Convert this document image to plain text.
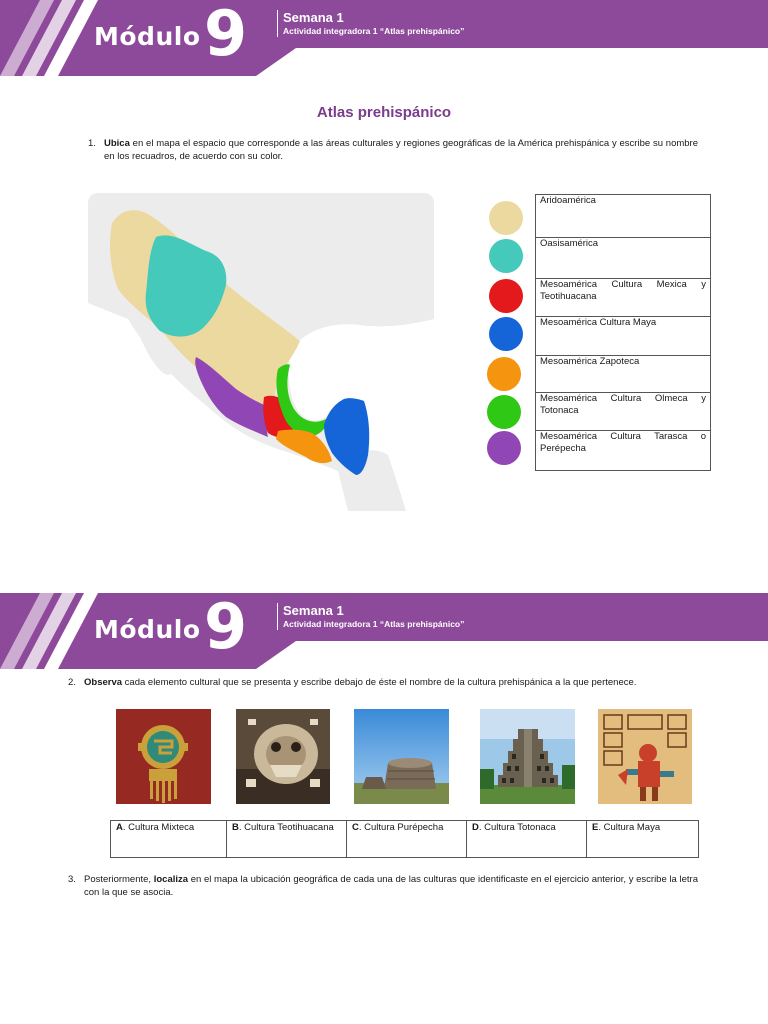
Módulo 9	Semana 1
Actividad integradora 1 “Atlas prehispánico”
Atlas prehispánico
1. Ubica en el mapa el espacio que corresponde a las áreas culturales y regiones geográficas de la América prehispánica y escribe su nombre en los recuadros, de acuerdo con su color.
Aridoamérica
Oasisamérica
Mesoamérica Cultura Mexica y Teotihuacana
Mesoamérica Cultura Maya
Mesoamérica Zapoteca
Mesoamérica Cultura Olmeca y Totonaca
Mesoamérica Cultura Tarasca o Perépecha
Módulo 9	Semana 1
Actividad integradora 1 “Atlas prehispánico”
2. Observa cada elemento cultural que se presenta y escribe debajo de éste el nombre de la cultura prehispánica a la que pertenece.
A. Cultura Mixteca	B. Cultura Teotihuacana	C. Cultura Purépecha	D. Cultura Totonaca	E. Cultura Maya
3. Posteriormente, localiza en el mapa la ubicación geográfica de cada una de las culturas que identificaste en el ejercicio anterior, y escribe la letra con la que se asocia.
